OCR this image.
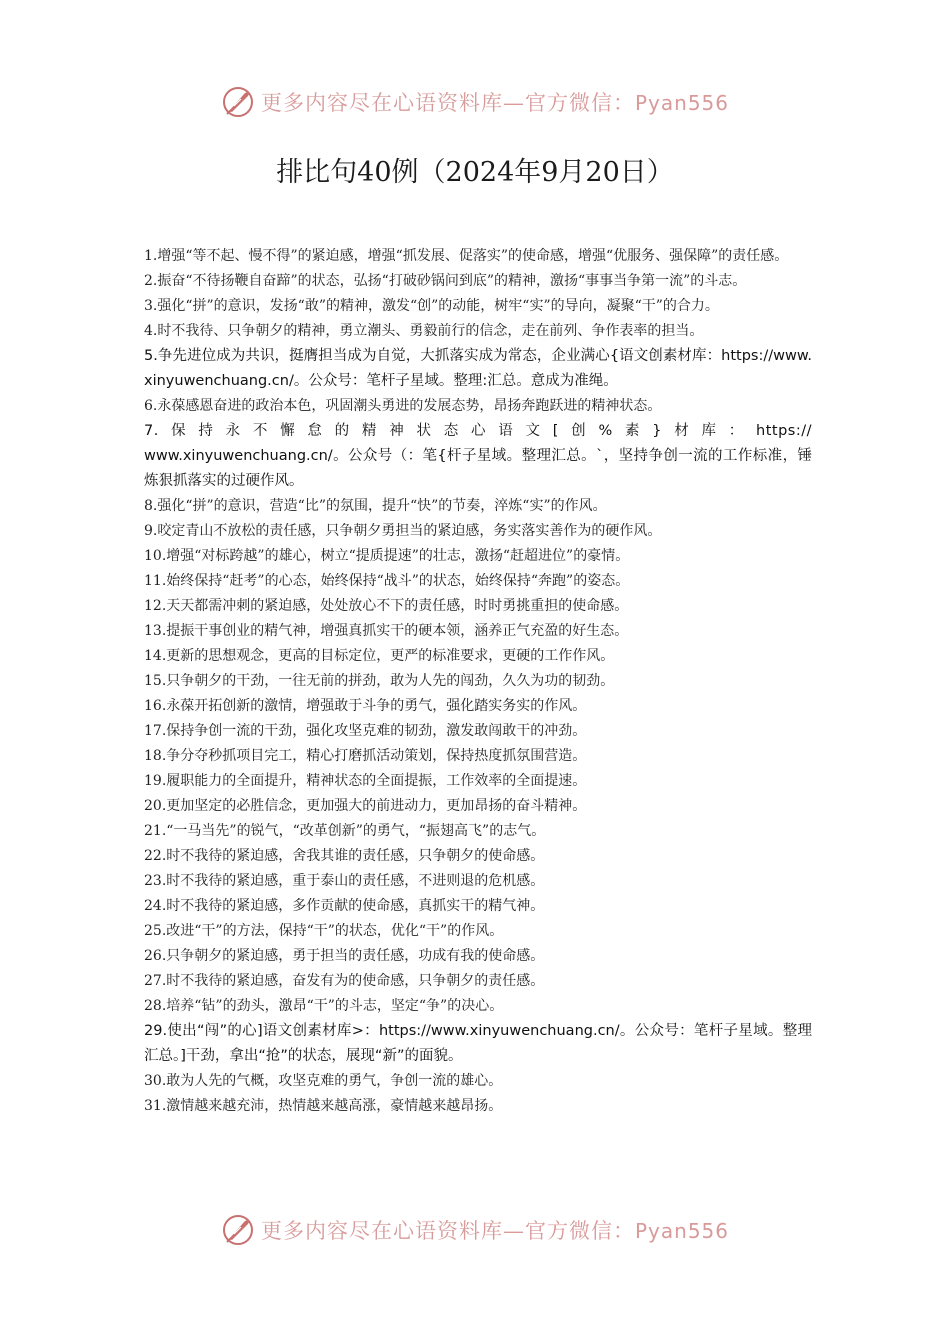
更多内容尽在心语资料库—官方微信：Pyan556
排比句40例（2024年9月20日）

1.增强“等不起、慢不得”的紧迫感，增强“抓发展、促落实”的使命感，增强“优服务、强保障”的责任感。

2.振奋“不待扬鞭自奋蹄”的状态，弘扬“打破砂锅问到底”的精神，激扬“事事当争第一流”的斗志。

3.强化“拼”的意识，发扬“敢”的精神，激发“创”的动能，树牢“实”的导向，凝聚“干”的合力。

4.时不我待、只争朝夕的精神，勇立潮头、勇毅前行的信念，走在前列、争作表率的担当。

5.争先进位成为共识，挺膺担当成为自觉，大抓落实成为常态，企业满心{语文创素材库：https://www.xinyuwenchuang.cn/。公众号：笔杆子星域。整理:汇总。意成为准绳。

6.永葆感恩奋进的政治本色，巩固潮头勇进的发展态势，昂扬奔跑跃进的精神状态。

7.保持永不懈怠的精神状态心语文[创%素}材库：https://
www.xinyuwenchuang.cn/。公众号（：笔{杆子星域。整理汇总。`，坚持争创一流的工作标准，锤炼狠抓落实的过硬作风。

8.强化“拼”的意识，营造“比”的氛围，提升“快”的节奏，淬炼“实”的作风。

9.咬定青山不放松的责任感，只争朝夕勇担当的紧迫感，务实落实善作为的硬作风。

10.增强“对标跨越”的雄心，树立“提质提速”的壮志，激扬“赶超进位”的豪情。

11.始终保持“赶考”的心态，始终保持“战斗”的状态，始终保持“奔跑”的姿态。

12.天天都需冲刺的紧迫感，处处放心不下的责任感，时时勇挑重担的使命感。

13.提振干事创业的精气神，增强真抓实干的硬本领，涵养正气充盈的好生态。

14.更新的思想观念，更高的目标定位，更严的标准要求，更硬的工作作风。

15.只争朝夕的干劲，一往无前的拼劲，敢为人先的闯劲，久久为功的韧劲。

16.永葆开拓创新的激情，增强敢于斗争的勇气，强化踏实务实的作风。

17.保持争创一流的干劲，强化攻坚克难的韧劲，激发敢闯敢干的冲劲。

18.争分夺秒抓项目完工，精心打磨抓活动策划，保持热度抓氛围营造。

19.履职能力的全面提升，精神状态的全面提振，工作效率的全面提速。

20.更加坚定的必胜信念，更加强大的前进动力，更加昂扬的奋斗精神。

21.“一马当先”的锐气，“改革创新”的勇气，“振翅高飞”的志气。

22.时不我待的紧迫感，舍我其谁的责任感，只争朝夕的使命感。

23.时不我待的紧迫感，重于泰山的责任感，不进则退的危机感。

24.时不我待的紧迫感，多作贡献的使命感，真抓实干的精气神。

25.改进“干”的方法，保持“干”的状态，优化“干”的作风。

26.只争朝夕的紧迫感，勇于担当的责任感，功成有我的使命感。

27.时不我待的紧迫感，奋发有为的使命感，只争朝夕的责任感。

28.培养“钻”的劲头，激昂“干”的斗志，坚定“争”的决心。

29.使出“闯”的心]语文创素材库>：https://www.xinyuwenchuang.cn/。公众号：笔杆子星域。整理汇总。]干劲，拿出“抢”的状态，展现“新”的面貌。

30.敢为人先的气概，攻坚克难的勇气，争创一流的雄心。

31.激情越来越充沛，热情越来越高涨，豪情越来越昂扬。

更多内容尽在心语资料库—官方微信：Pyan556
